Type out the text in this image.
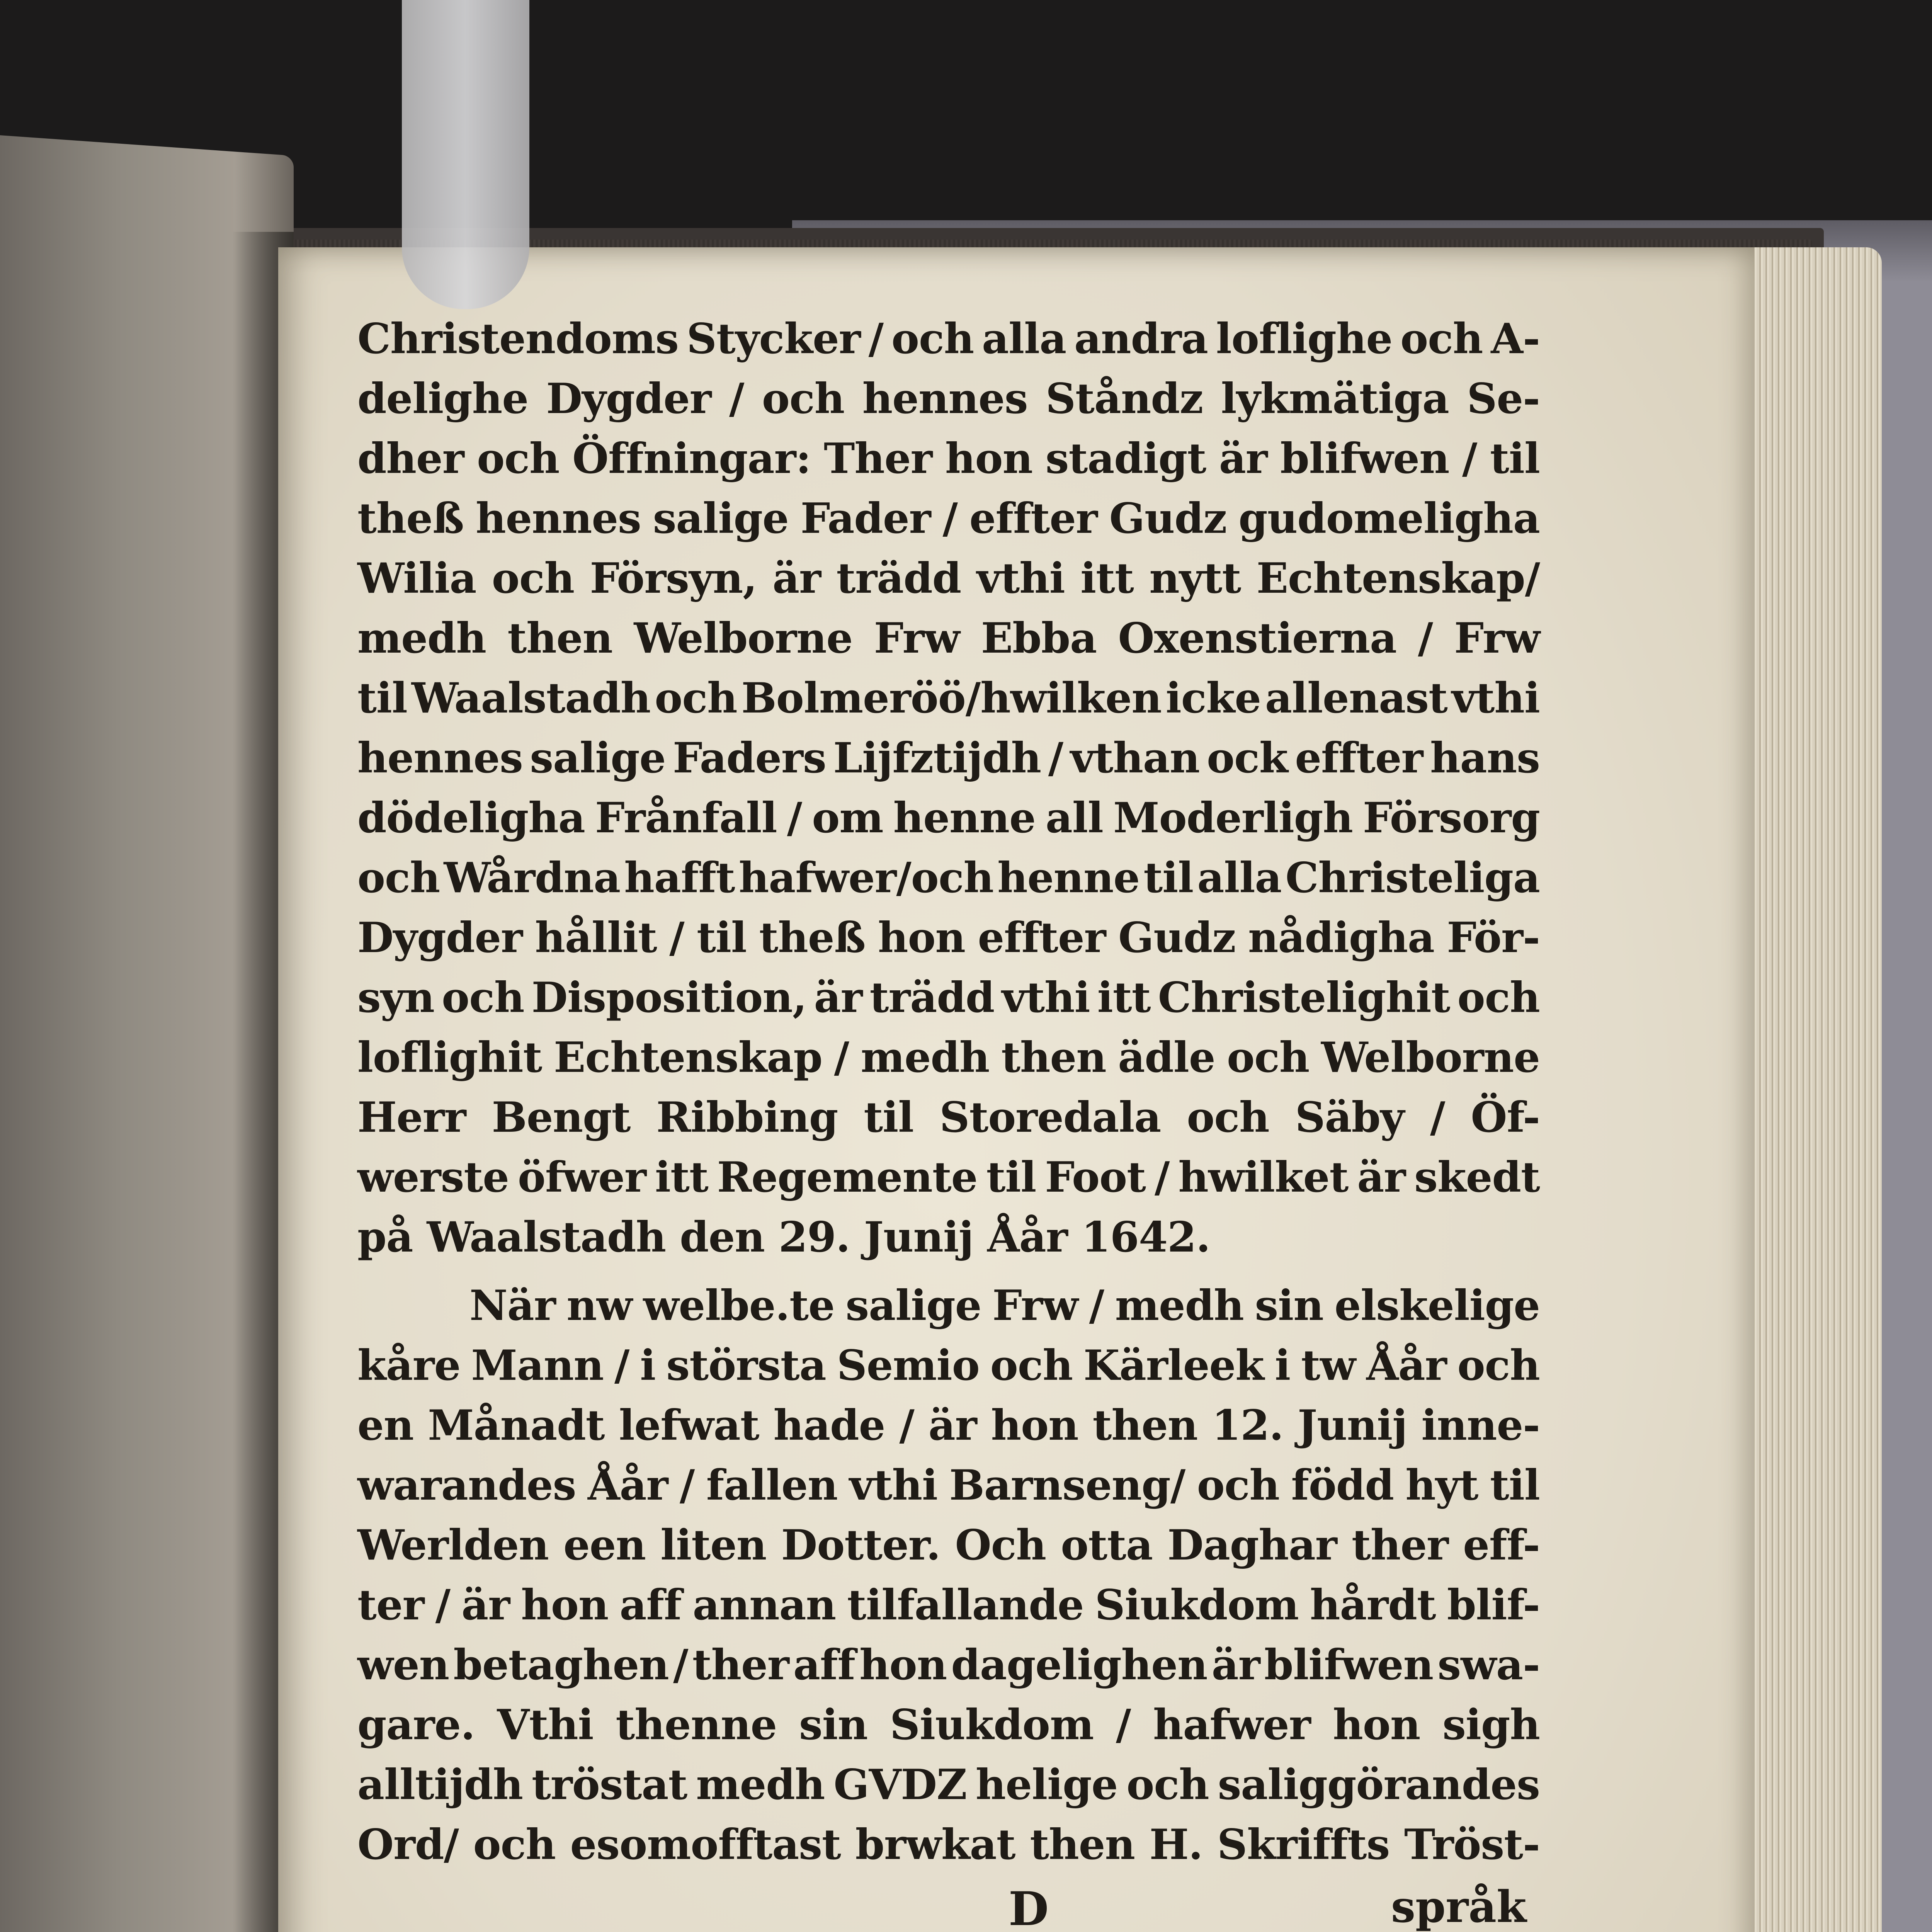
Christendoms Stycker / och alla andra loflighe och A-
delighe Dygder / och hennes Ståndz lykmätiga Se-
dher och Öffningar: Ther hon stadigt är blifwen / til
theß hennes salige Fader / effter Gudz gudomeligha
Wilia och Försyn, är trädd vthi itt nytt Echtenskap/
medh then Welborne Frw Ebba Oxenstierna / Frw
til Waalstadh och Bolmeröö/hwilken icke allenast vthi
hennes salige Faders Lijfztijdh / vthan ock effter hans
dödeligha Frånfall / om henne all Moderligh Försorg
och Wårdna hafft hafwer/och henne til alla Christeliga
Dygder hållit / til theß hon effter Gudz nådigha För-
syn och Disposition, är trädd vthi itt Christelighit och
loflighit Echtenskap / medh then ädle och Welborne
Herr Bengt Ribbing til Storedala och Säby / Öf-
werste öfwer itt Regemente til Foot / hwilket är skedt
på Waalstadh den 29. Junij Åår 1642.
När nw welbe.te salige Frw / medh sin elskelige
kåre Mann / i största Semio och Kärleek i tw Åår och
en Månadt lefwat hade / är hon then 12. Junij inne-
warandes Åår / fallen vthi Barnseng/ och född hyt til
Werlden een liten Dotter. Och otta Daghar ther eff-
ter / är hon aff annan tilfallande Siukdom hårdt blif-
wen betaghen / ther aff hon dagelighen är blifwen swa-
gare. Vthi thenne sin Siukdom / hafwer hon sigh
alltijdh tröstat medh GVDZ helige och saliggörandes
Ord/ och esomofftast brwkat then H. Skriffts Tröst-
D	språk
